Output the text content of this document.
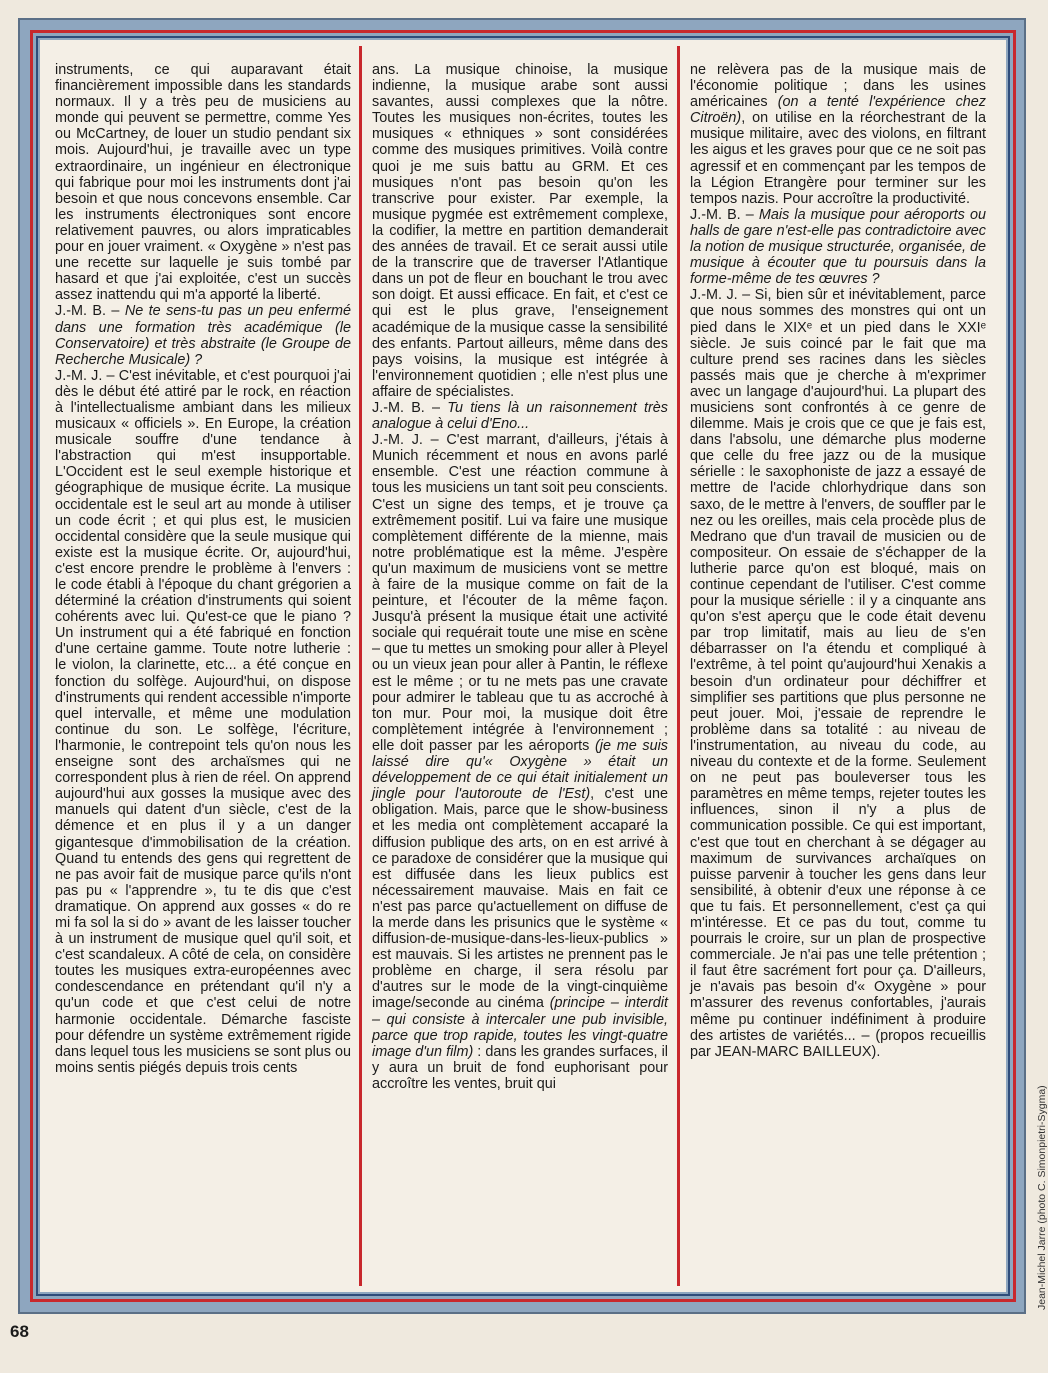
instruments, ce qui auparavant était financièrement impossible dans les standards normaux. Il y a très peu de musiciens au monde qui peuvent se permettre, comme Yes ou McCartney, de louer un studio pendant six mois. Aujourd'hui, je travaille avec un type extraordinaire, un ingénieur en électronique qui fabrique pour moi les instruments dont j'ai besoin et que nous concevons ensemble. Car les instruments électroniques sont encore relativement pauvres, ou alors impraticables pour en jouer vraiment. « Oxygène » n'est pas une recette sur laquelle je suis tombé par hasard et que j'ai exploitée, c'est un succès assez inattendu qui m'a apporté la liberté.

J.-M. B. – Ne te sens-tu pas un peu enfermé dans une formation très académique (le Conservatoire) et très abstraite (le Groupe de Recherche Musicale) ?

J.-M. J. – C'est inévitable, et c'est pourquoi j'ai dès le début été attiré par le rock, en réaction à l'intellectualisme ambiant dans les milieux musicaux « officiels ». En Europe, la création musicale souffre d'une tendance à l'abstraction qui m'est insupportable. L'Occident est le seul exemple historique et géographique de musique écrite. La musique occidentale est le seul art au monde à utiliser un code écrit ; et qui plus est, le musicien occidental considère que la seule musique qui existe est la musique écrite. Or, aujourd'hui, c'est encore prendre le problème à l'envers : le code établi à l'époque du chant grégorien a déterminé la création d'instruments qui soient cohérents avec lui. Qu'est-ce que le piano ? Un instrument qui a été fabriqué en fonction d'une certaine gamme. Toute notre lutherie : le violon, la clarinette, etc... a été conçue en fonction du solfège. Aujourd'hui, on dispose d'instruments qui rendent accessible n'importe quel intervalle, et même une modulation continue du son. Le solfège, l'écriture, l'harmonie, le contrepoint tels qu'on nous les enseigne sont des archaïsmes qui ne correspondent plus à rien de réel. On apprend aujourd'hui aux gosses la musique avec des manuels qui datent d'un siècle, c'est de la démence et en plus il y a un danger gigantesque d'immobilisation de la création. Quand tu entends des gens qui regrettent de ne pas avoir fait de musique parce qu'ils n'ont pas pu « l'apprendre », tu te dis que c'est dramatique. On apprend aux gosses « do re mi fa sol la si do » avant de les laisser toucher à un instrument de musique quel qu'il soit, et c'est scandaleux. A côté de cela, on considère toutes les musiques extra-européennes avec condescendance en prétendant qu'il n'y a qu'un code et que c'est celui de notre harmonie occidentale. Démarche fasciste pour défendre un système extrêmement rigide dans lequel tous les musiciens se sont plus ou moins sentis piégés depuis trois cents

ans. La musique chinoise, la musique indienne, la musique arabe sont aussi savantes, aussi complexes que la nôtre. Toutes les musiques non-écrites, toutes les musiques « ethniques » sont considérées comme des musiques primitives. Voilà contre quoi je me suis battu au GRM. Et ces musiques n'ont pas besoin qu'on les transcrive pour exister. Par exemple, la musique pygmée est extrêmement complexe, la codifier, la mettre en partition demanderait des années de travail. Et ce serait aussi utile de la transcrire que de traverser l'Atlantique dans un pot de fleur en bouchant le trou avec son doigt. Et aussi efficace. En fait, et c'est ce qui est le plus grave, l'enseignement académique de la musique casse la sensibilité des enfants. Partout ailleurs, même dans des pays voisins, la musique est intégrée à l'environnement quotidien ; elle n'est plus une affaire de spécialistes.

J.-M. B. – Tu tiens là un raisonnement très analogue à celui d'Eno...

J.-M. J. – C'est marrant, d'ailleurs, j'étais à Munich récemment et nous en avons parlé ensemble. C'est une réaction commune à tous les musiciens un tant soit peu conscients. C'est un signe des temps, et je trouve ça extrêmement positif. Lui va faire une musique complètement différente de la mienne, mais notre problématique est la même. J'espère qu'un maximum de musiciens vont se mettre à faire de la musique comme on fait de la peinture, et l'écouter de la même façon. Jusqu'à présent la musique était une activité sociale qui requérait toute une mise en scène – que tu mettes un smoking pour aller à Pleyel ou un vieux jean pour aller à Pantin, le réflexe est le même ; or tu ne mets pas une cravate pour admirer le tableau que tu as accroché à ton mur. Pour moi, la musique doit être complètement intégrée à l'environnement ; elle doit passer par les aéroports (je me suis laissé dire qu'« Oxygène » était un développement de ce qui était initialement un jingle pour l'autoroute de l'Est), c'est une obligation. Mais, parce que le show-business et les media ont complètement accaparé la diffusion publique des arts, on en est arrivé à ce paradoxe de considérer que la musique qui est diffusée dans les lieux publics est nécessairement mauvaise. Mais en fait ce n'est pas parce qu'actuellement on diffuse de la merde dans les prisunics que le système « diffusion-de-musique-dans-les-lieux-publics » est mauvais. Si les artistes ne prennent pas le problème en charge, il sera résolu par d'autres sur le mode de la vingt-cinquième image/seconde au cinéma (principe – interdit – qui consiste à intercaler une pub invisible, parce que trop rapide, toutes les vingt-quatre image d'un film) : dans les grandes surfaces, il y aura un bruit de fond euphorisant pour accroître les ventes, bruit qui

ne relèvera pas de la musique mais de l'économie politique ; dans les usines américaines (on a tenté l'expérience chez Citroën), on utilise en la réorchestrant de la musique militaire, avec des violons, en filtrant les aigus et les graves pour que ce ne soit pas agressif et en commençant par les tempos de la Légion Etrangère pour terminer sur les tempos nazis. Pour accroître la productivité.

J.-M. B. – Mais la musique pour aéroports ou halls de gare n'est-elle pas contradictoire avec la notion de musique structurée, organisée, de musique à écouter que tu poursuis dans la forme-même de tes œuvres ?

J.-M. J. – Si, bien sûr et inévitablement, parce que nous sommes des monstres qui ont un pied dans le XIXᵉ et un pied dans le XXIᵉ siècle. Je suis coincé par le fait que ma culture prend ses racines dans les siècles passés mais que je cherche à m'exprimer avec un langage d'aujourd'hui. La plupart des musiciens sont confrontés à ce genre de dilemme. Mais je crois que ce que je fais est, dans l'absolu, une démarche plus moderne que celle du free jazz ou de la musique sérielle : le saxophoniste de jazz a essayé de mettre de l'acide chlorhydrique dans son saxo, de le mettre à l'envers, de souffler par le nez ou les oreilles, mais cela procède plus de Medrano que d'un travail de musicien ou de compositeur. On essaie de s'échapper de la lutherie parce qu'on est bloqué, mais on continue cependant de l'utiliser. C'est comme pour la musique sérielle : il y a cinquante ans qu'on s'est aperçu que le code était devenu par trop limitatif, mais au lieu de s'en débarrasser on l'a étendu et compliqué à l'extrême, à tel point qu'aujourd'hui Xenakis a besoin d'un ordinateur pour déchiffrer et simplifier ses partitions que plus personne ne peut jouer. Moi, j'essaie de reprendre le problème dans sa totalité : au niveau de l'instrumentation, au niveau du code, au niveau du contexte et de la forme. Seulement on ne peut pas bouleverser tous les paramètres en même temps, rejeter toutes les influences, sinon il n'y a plus de communication possible. Ce qui est important, c'est que tout en cherchant à se dégager au maximum de survivances archaïques on puisse parvenir à toucher les gens dans leur sensibilité, à obtenir d'eux une réponse à ce que tu fais. Et personnellement, c'est ça qui m'intéresse. Et ce pas du tout, comme tu pourrais le croire, sur un plan de prospective commerciale. Je n'ai pas une telle prétention ; il faut être sacrément fort pour ça. D'ailleurs, je n'avais pas besoin d'« Oxygène » pour m'assurer des revenus confortables, j'aurais même pu continuer indéfiniment à produire des artistes de variétés... – (propos recueillis par JEAN-MARC BAILLEUX).

68
Jean-Michel Jarre (photo C. Simonpietri-Sygma)
